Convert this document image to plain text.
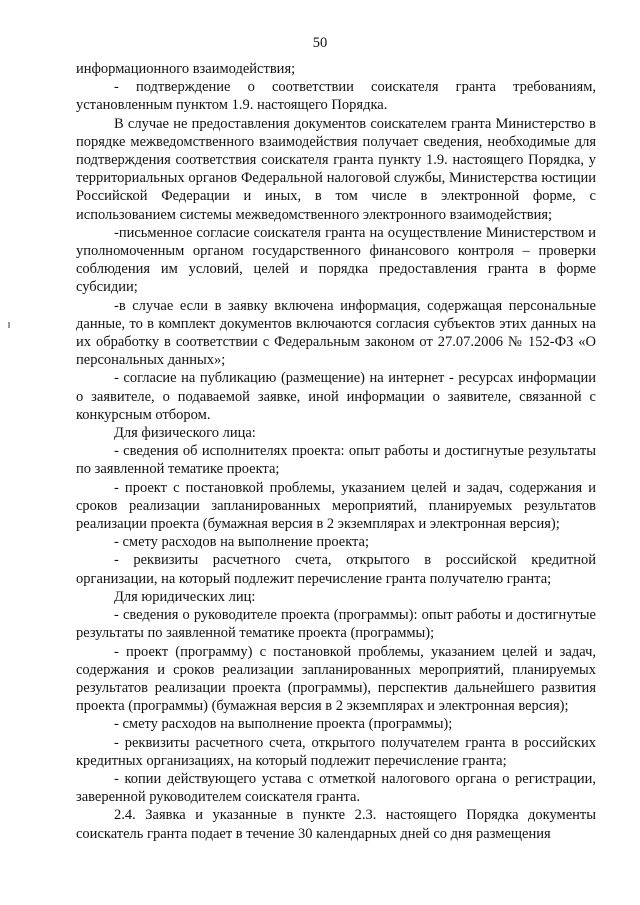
50

информационного взаимодействия;

- подтверждение о соответствии соискателя гранта требованиям, установленным пунктом 1.9. настоящего Порядка.

В случае не предоставления документов соискателем гранта Министерство в порядке межведомственного взаимодействия получает сведения, необходимые для подтверждения соответствия соискателя гранта пункту 1.9. настоящего Порядка, у территориальных органов Федеральной налоговой службы, Министерства юстиции Российской Федерации и иных, в том числе в электронной форме, с использованием системы межведомственного электронного взаимодействия;

-письменное согласие соискателя гранта на осуществление Министерством и уполномоченным органом государственного финансового контроля – проверки соблюдения им условий, целей и порядка предоставления гранта в форме субсидии;

-в случае если в заявку включена информация, содержащая персональные данные, то в комплект документов включаются согласия субъектов этих данных на их обработку в соответствии с Федеральным законом от 27.07.2006 № 152-ФЗ «О персональных данных»;

- согласие на публикацию (размещение) на интернет - ресурсах информации о заявителе, о подаваемой заявке, иной информации о заявителе, связанной с конкурсным отбором.

Для физического лица:

- сведения об исполнителях проекта: опыт работы и достигнутые результаты по заявленной тематике проекта;

- проект с постановкой проблемы, указанием целей и задач, содержания и сроков реализации запланированных мероприятий, планируемых результатов реализации проекта (бумажная версия в 2 экземплярах и электронная версия);

- смету расходов на выполнение проекта;

- реквизиты расчетного счета, открытого в российской кредитной организации, на который подлежит перечисление гранта получателю гранта;

Для юридических лиц:

- сведения о руководителе проекта (программы): опыт работы и достигнутые результаты по заявленной тематике проекта (программы);

- проект (программу) с постановкой проблемы, указанием целей и задач, содержания и сроков реализации запланированных мероприятий, планируемых результатов реализации проекта (программы), перспектив дальнейшего развития проекта (программы) (бумажная версия в 2 экземплярах и электронная версия);

- смету расходов на выполнение проекта (программы);

- реквизиты расчетного счета, открытого получателем гранта в российских кредитных организациях, на который подлежит перечисление гранта;

- копии действующего устава с отметкой налогового органа о регистрации, заверенной руководителем соискателя гранта.

2.4. Заявка и указанные в пункте 2.3. настоящего Порядка документы соискатель гранта подает в течение 30 календарных дней со дня размещения
